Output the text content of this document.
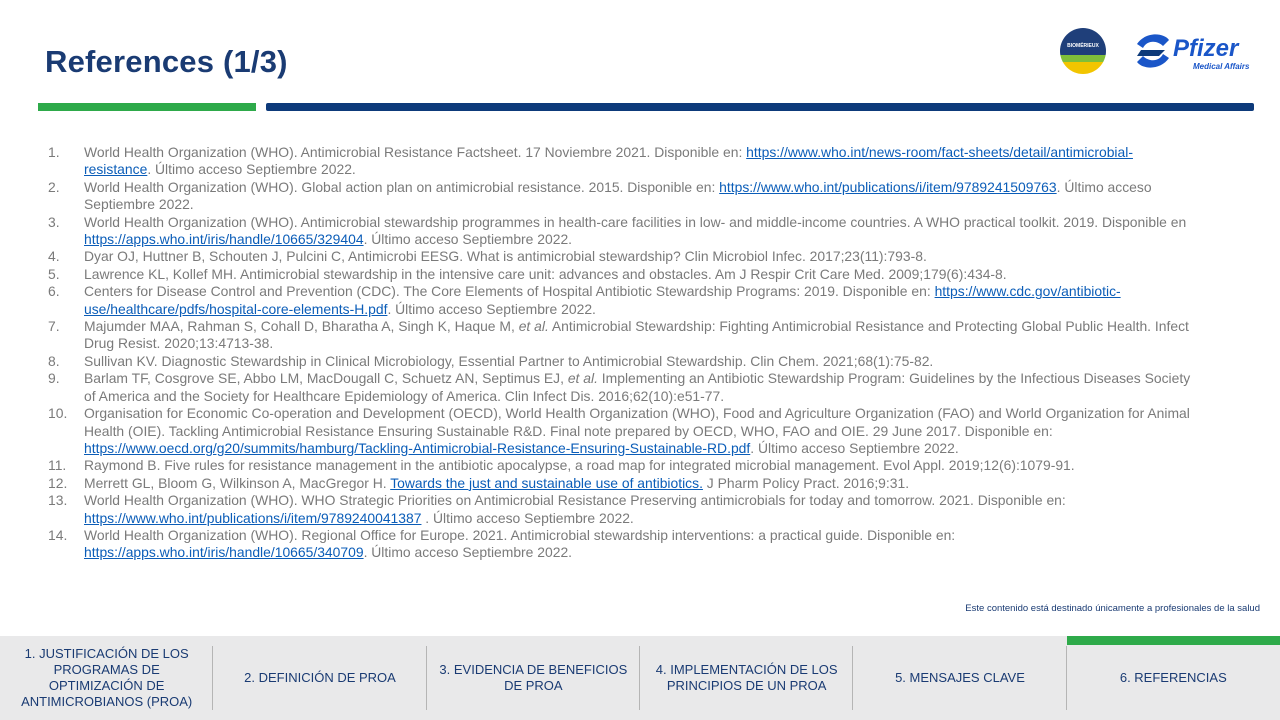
References (1/3)	BIOMÉRIEUX	Pfizer
Medical Affairs
1. World Health Organization (WHO). Antimicrobial Resistance Factsheet. 17 Noviembre 2021. Disponible en: https://www.who.int/news-room/fact-sheets/detail/antimicrobial-resistance. Último acceso Septiembre 2022.
2. World Health Organization (WHO). Global action plan on antimicrobial resistance. 2015. Disponible en: https://www.who.int/publications/i/item/9789241509763. Último acceso Septiembre 2022.
3. World Health Organization (WHO). Antimicrobial stewardship programmes in health-care facilities in low- and middle-income countries. A WHO practical toolkit. 2019. Disponible en https://apps.who.int/iris/handle/10665/329404. Último acceso Septiembre 2022.
4. Dyar OJ, Huttner B, Schouten J, Pulcini C, Antimicrobi EESG. What is antimicrobial stewardship? Clin Microbiol Infec. 2017;23(11):793-8.
5. Lawrence KL, Kollef MH. Antimicrobial stewardship in the intensive care unit: advances and obstacles. Am J Respir Crit Care Med. 2009;179(6):434-8.
6. Centers for Disease Control and Prevention (CDC). The Core Elements of Hospital Antibiotic Stewardship Programs: 2019. Disponible en: https://www.cdc.gov/antibiotic-use/healthcare/pdfs/hospital-core-elements-H.pdf. Último acceso Septiembre 2022.
7. Majumder MAA, Rahman S, Cohall D, Bharatha A, Singh K, Haque M, et al. Antimicrobial Stewardship: Fighting Antimicrobial Resistance and Protecting Global Public Health. Infect Drug Resist. 2020;13:4713-38.
8. Sullivan KV. Diagnostic Stewardship in Clinical Microbiology, Essential Partner to Antimicrobial Stewardship. Clin Chem. 2021;68(1):75-82.
9. Barlam TF, Cosgrove SE, Abbo LM, MacDougall C, Schuetz AN, Septimus EJ, et al. Implementing an Antibiotic Stewardship Program: Guidelines by the Infectious Diseases Society of America and the Society for Healthcare Epidemiology of America. Clin Infect Dis. 2016;62(10):e51-77.
10. Organisation for Economic Co-operation and Development (OECD), World Health Organization (WHO), Food and Agriculture Organization (FAO) and World Organization for Animal Health (OIE). Tackling Antimicrobial Resistance Ensuring Sustainable R&D. Final note prepared by OECD, WHO, FAO and OIE. 29 June 2017. Disponible en: https://www.oecd.org/g20/summits/hamburg/Tackling-Antimicrobial-Resistance-Ensuring-Sustainable-RD.pdf. Último acceso Septiembre 2022.
11. Raymond B. Five rules for resistance management in the antibiotic apocalypse, a road map for integrated microbial management. Evol Appl. 2019;12(6):1079-91.
12. Merrett GL, Bloom G, Wilkinson A, MacGregor H. Towards the just and sustainable use of antibiotics. J Pharm Policy Pract. 2016;9:31.
13. World Health Organization (WHO). WHO Strategic Priorities on Antimicrobial Resistance Preserving antimicrobials for today and tomorrow. 2021. Disponible en: https://www.who.int/publications/i/item/9789240041387 . Último acceso Septiembre 2022.
14. World Health Organization (WHO). Regional Office for Europe. 2021. Antimicrobial stewardship interventions: a practical guide. Disponible en: https://apps.who.int/iris/handle/10665/340709. Último acceso Septiembre 2022.
Este contenido está destinado únicamente a profesionales de la salud
1. JUSTIFICACIÓN DE LOS PROGRAMAS DE OPTIMIZACIÓN DE ANTIMICROBIANOS (PROA)
2. DEFINICIÓN DE PROA
3. EVIDENCIA DE BENEFICIOS DE PROA
4. IMPLEMENTACIÓN DE LOS PRINCIPIOS DE UN PROA
5. MENSAJES CLAVE	6. REFERENCIAS
